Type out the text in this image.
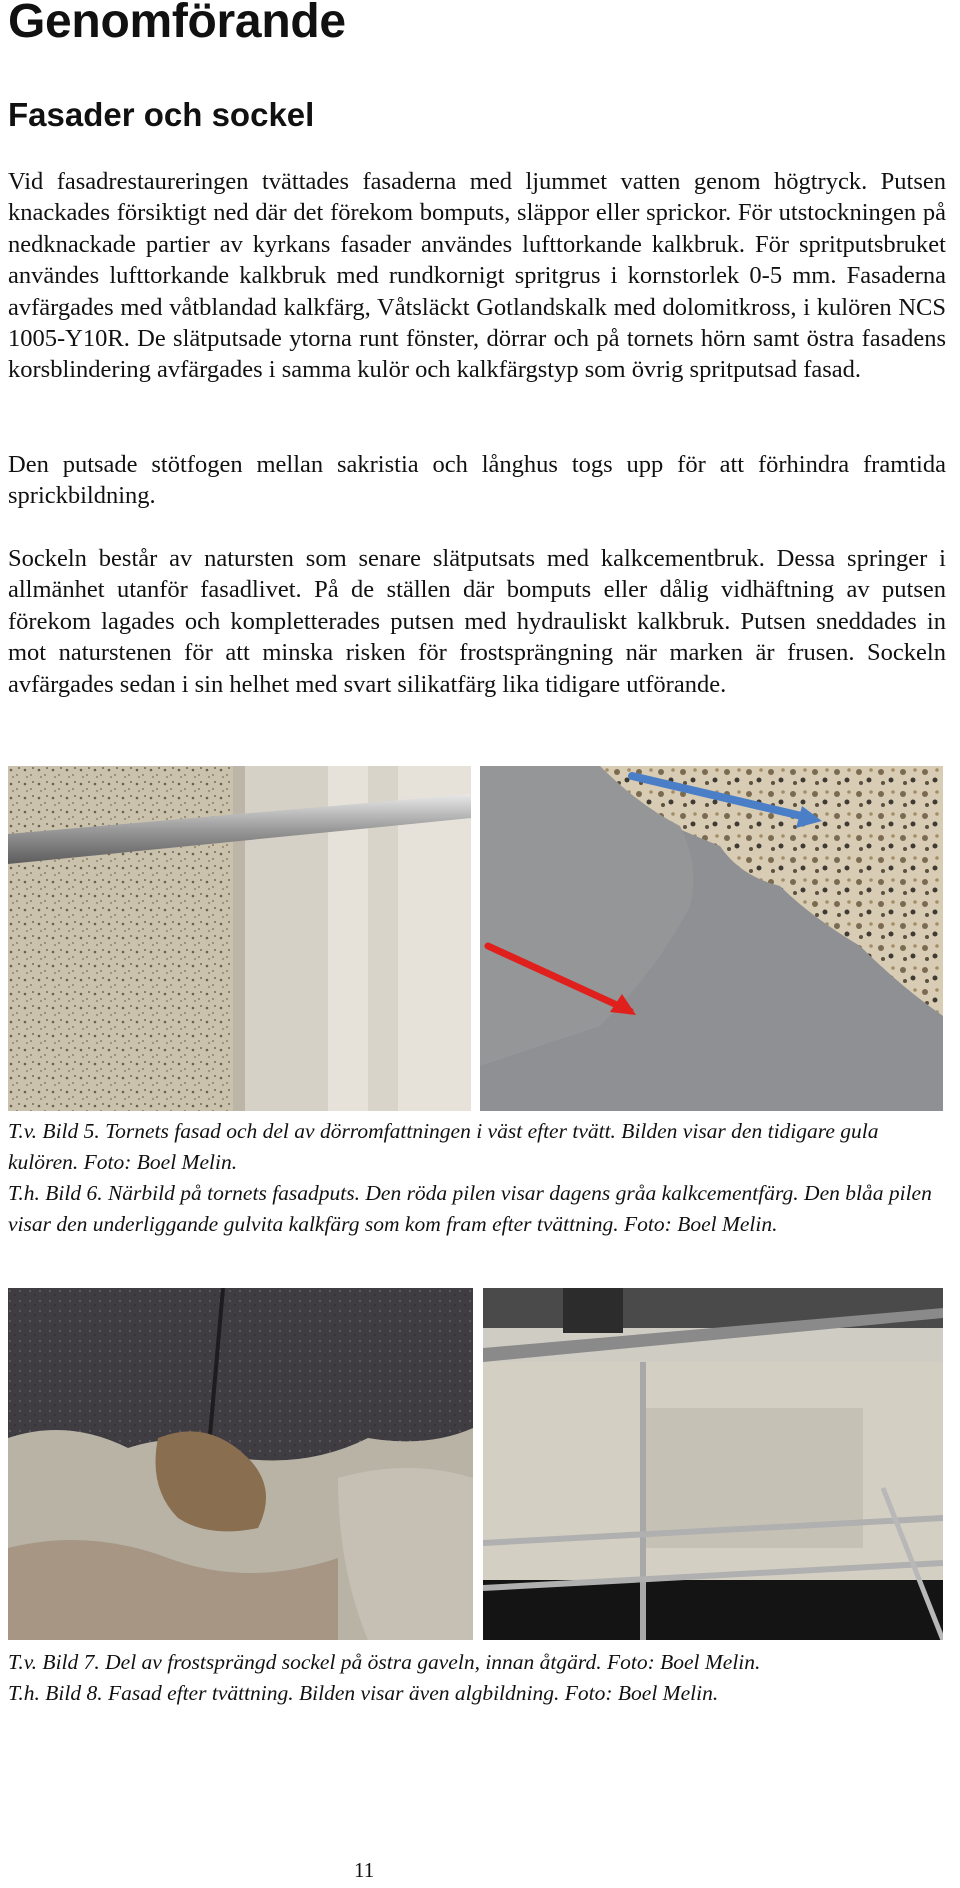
Genomförande
Fasader och sockel

Vid fasadrestaureringen tvättades fasaderna med ljummet vatten genom högtryck. Putsen knackades försiktigt ned där det förekom bomputs, släppor eller sprickor. För utstockningen på nedknackade partier av kyrkans fasader användes lufttorkande kalkbruk. För spritputsbruket användes lufttorkande kalkbruk med rundkornigt spritgrus i kornstorlek 0-5 mm. Fasaderna avfärgades med våtblandad kalkfärg, Våtsläckt Gotlandskalk med dolomitkross, i kulören NCS 1005-Y10R. De slätputsade ytorna runt fönster, dörrar och på tornets hörn samt östra fasadens korsblindering avfärgades i samma kulör och kalkfärgstyp som övrig spritputsad fasad.

Den putsade stötfogen mellan sakristia och långhus togs upp för att förhindra framtida sprickbildning.

Sockeln består av natursten som senare slätputsats med kalkcementbruk. Dessa springer i allmänhet utanför fasadlivet. På de ställen där bomputs eller dålig vidhäftning av putsen förekom lagades och kompletterades putsen med hydrauliskt kalkbruk. Putsen sneddades in mot naturstenen för att minska risken för frostsprängning när marken är frusen. Sockeln avfärgades sedan i sin helhet med svart silikatfärg lika tidigare utförande.

T.v. Bild 5. Tornets fasad och del av dörromfattningen i väst efter tvätt. Bilden visar den tidigare gula kulören. Foto: Boel Melin.
T.h. Bild 6. Närbild på tornets fasadputs. Den röda pilen visar dagens gråa kalkcementfärg. Den blåa pilen visar den underliggande gulvita kalkfärg som kom fram efter tvättning. Foto: Boel Melin.
T.v. Bild 7. Del av frostsprängd sockel på östra gaveln, innan åtgärd. Foto: Boel Melin.
T.h. Bild 8. Fasad efter tvättning. Bilden visar även algbildning. Foto: Boel Melin.
11
